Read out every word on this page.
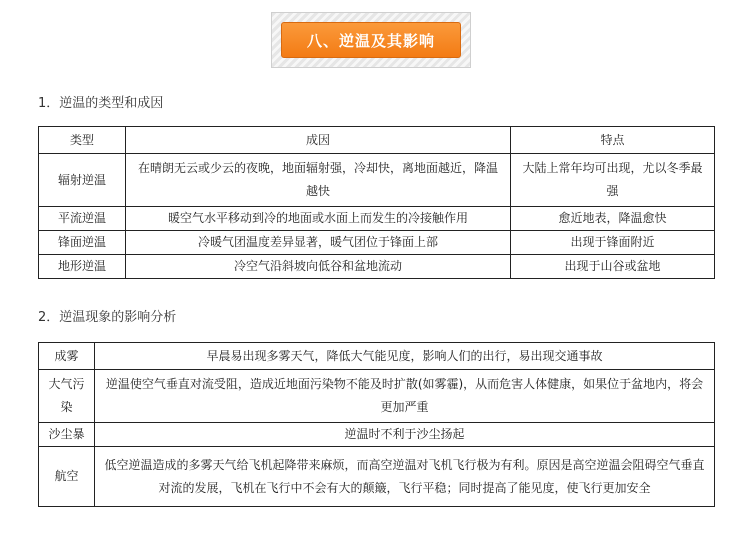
八、逆温及其影响
1．逆温的类型和成因
类型	成因	特点
辐射逆温	在晴朗无云或少云的夜晚，地面辐射强，冷却快，离地面越近，降温越快	大陆上常年均可出现，尤以冬季最强
平流逆温	暖空气水平移动到冷的地面或水面上而发生的冷接触作用	愈近地表，降温愈快
锋面逆温	冷暖气团温度差异显著，暖气团位于锋面上部	出现于锋面附近
地形逆温	冷空气沿斜坡向低谷和盆地流动	出现于山谷或盆地
2．逆温现象的影响分析
成雾	早晨易出现多雾天气，降低大气能见度，影响人们的出行，易出现交通事故
大气污染	逆温使空气垂直对流受阻，造成近地面污染物不能及时扩散(如雾霾)，从而危害人体健康，如果位于盆地内，将会更加严重
沙尘暴	逆温时不利于沙尘扬起
航空	低空逆温造成的多雾天气给飞机起降带来麻烦，而高空逆温对飞机飞行极为有利。原因是高空逆温会阻碍空气垂直对流的发展，飞机在飞行中不会有大的颠簸，飞行平稳；同时提高了能见度，使飞行更加安全
